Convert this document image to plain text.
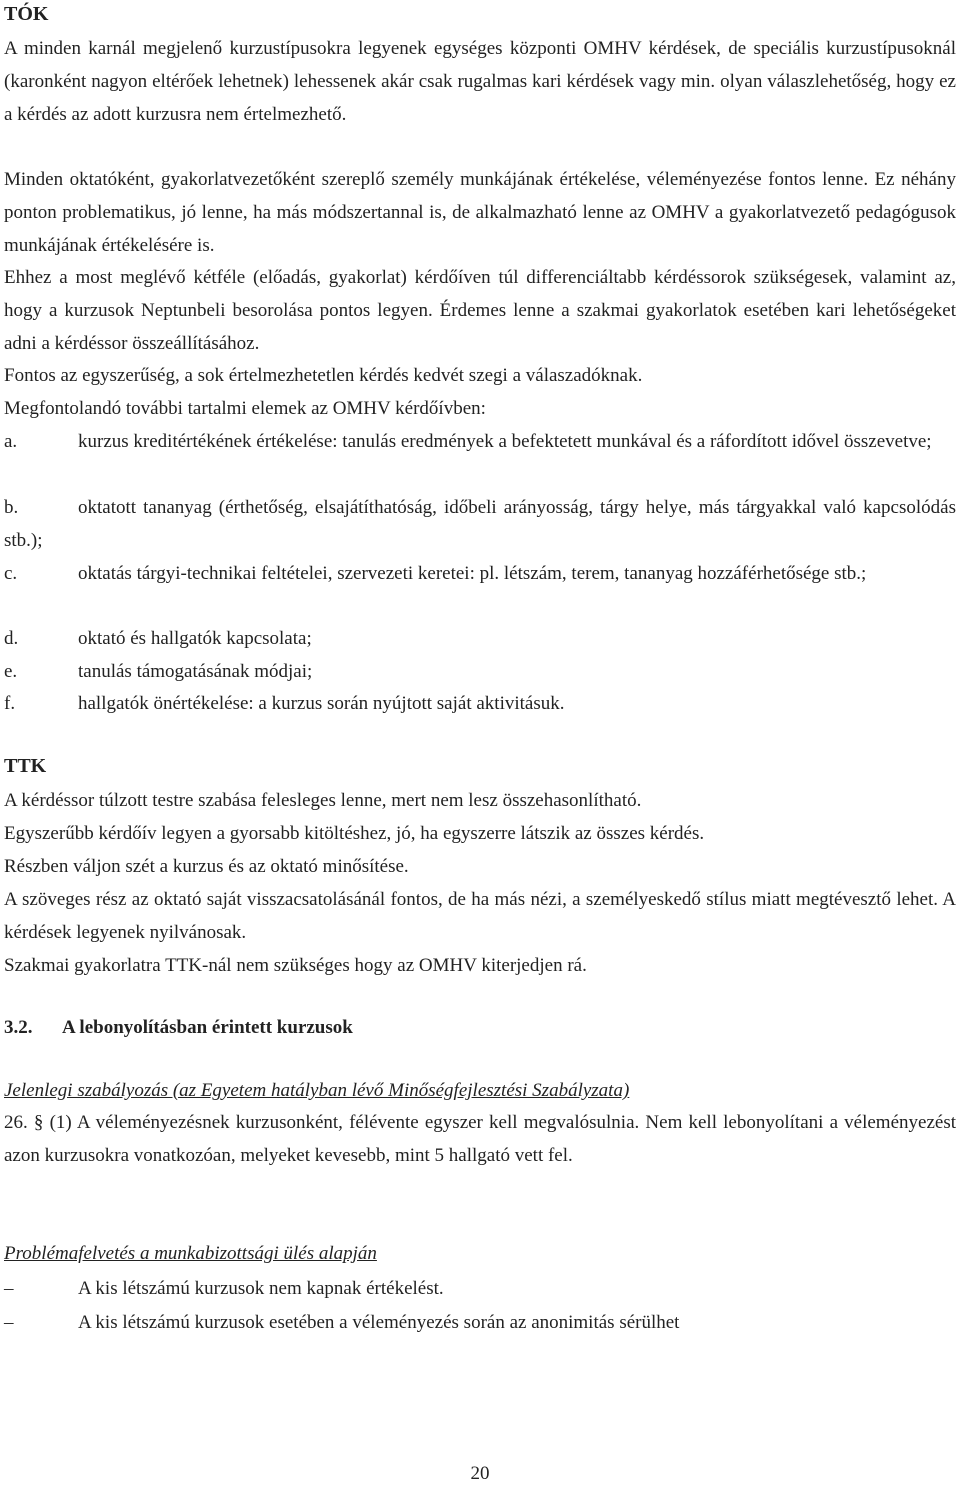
TÓK
A minden karnál megjelenő kurzustípusokra legyenek egységes központi OMHV kérdések, de speciális kurzustípusoknál (karonként nagyon eltérőek lehetnek) lehessenek akár csak rugalmas kari kérdések vagy min. olyan válaszlehetőség, hogy ez a kérdés az adott kurzusra nem értelmezhető.
Minden oktatóként, gyakorlatvezetőként szereplő személy munkájának értékelése, véleményezése fontos lenne. Ez néhány ponton problematikus, jó lenne, ha más módszertannal is, de alkalmazható lenne az OMHV a gyakorlatvezető pedagógusok munkájának értékelésére is.
Ehhez a most meglévő kétféle (előadás, gyakorlat) kérdőíven túl differenciáltabb kérdéssorok szükségesek, valamint az, hogy a kurzusok Neptunbeli besorolása pontos legyen. Érdemes lenne a szakmai gyakorlatok esetében kari lehetőségeket adni a kérdéssor összeállításához.
Fontos az egyszerűség, a sok értelmezhetetlen kérdés kedvét szegi a válaszadóknak.
Megfontolandó további tartalmi elemek az OMHV kérdőívben:
a.	kurzus kreditértékének értékelése: tanulás eredmények a befektetett munkával és a ráfordított idővel összevetve;
b.	oktatott tananyag (érthetőség, elsajátíthatóság, időbeli arányosság, tárgy helye, más tárgyakkal való kapcsolódás stb.);
c.	oktatás tárgyi-technikai feltételei, szervezeti keretei: pl. létszám, terem, tananyag hozzáférhetősége stb.;
d.	oktató és hallgatók kapcsolata;
e.	tanulás támogatásának módjai;
f.	hallgatók önértékelése: a kurzus során nyújtott saját aktivitásuk.
TTK
A kérdéssor túlzott testre szabása felesleges lenne, mert nem lesz összehasonlítható.
Egyszerűbb kérdőív legyen a gyorsabb kitöltéshez, jó, ha egyszerre látszik az összes kérdés.
Részben váljon szét a kurzus és az oktató minősítése.
A szöveges rész az oktató saját visszacsatolásánál fontos, de ha más nézi, a személyeskedő stílus miatt megtévesztő lehet. A kérdések legyenek nyilvánosak.
Szakmai gyakorlatra TTK-nál nem szükséges hogy az OMHV kiterjedjen rá.
3.2. A lebonyolításban érintett kurzusok
Jelenlegi szabályozás (az Egyetem hatályban lévő Minőségfejlesztési Szabályzata)
26. § (1) A véleményezésnek kurzusonként, félévente egyszer kell megvalósulnia. Nem kell lebonyolítani a véleményezést azon kurzusokra vonatkozóan, melyeket kevesebb, mint 5 hallgató vett fel.
Problémafelvetés a munkabizottsági ülés alapján
–	A kis létszámú kurzusok nem kapnak értékelést.
–	A kis létszámú kurzusok esetében a véleményezés során az anonimitás sérülhet
20
